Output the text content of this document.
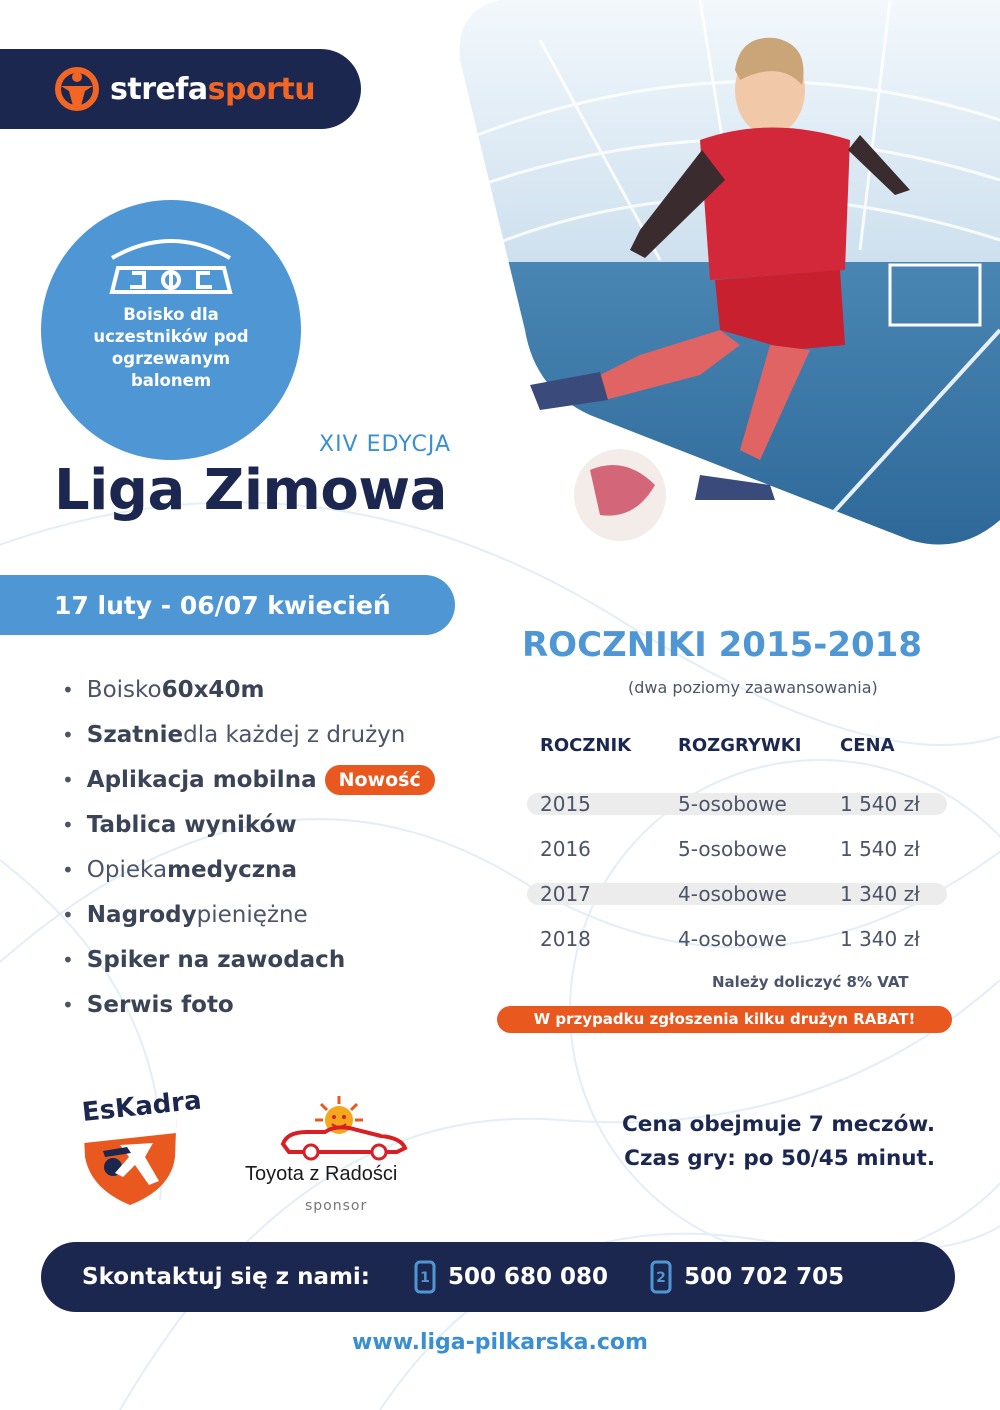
strefasportu
Boisko dla uczestników pod ogrzewanym balonem
XIV EDYCJA
Liga Zimowa
17 luty - 06/07 kwiecień
• Boisko 60x40m
• Szatnie dla każdej z drużyn
• Aplikacja mobilna	Nowość
• Tablica wyników
• Opieka medyczna
• Nagrody pieniężne
• Spiker na zawodach
• Serwis foto
ROCZNIKI 2015-2018
(dwa poziomy zaawansowania)
ROCZNIK	ROZGRYWKI	CENA
2015	5-osobowe	1 540 zł
2016	5-osobowe	1 540 zł
2017	4-osobowe	1 340 zł
2018	4-osobowe	1 340 zł
Należy doliczyć 8% VAT
W przypadku zgłoszenia kilku drużyn RABAT!
EsKadra
Toyota z Radości
sponsor
Cena obejmuje 7 meczów.
Czas gry: po 50/45 minut.
Skontaktuj się z nami:	1 500 680 080	2 500 702 705
www.liga-pilkarska.com
